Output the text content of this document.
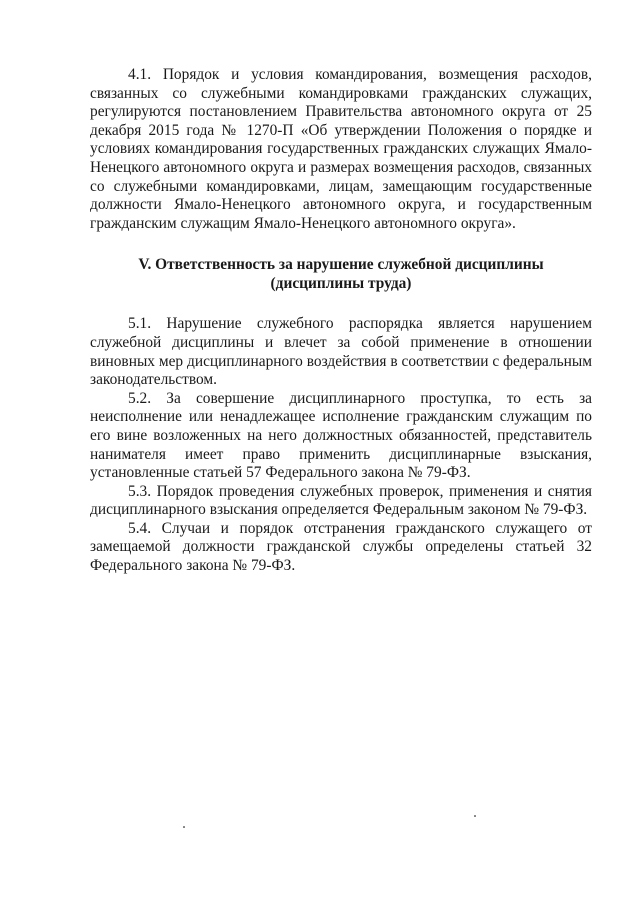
4.1. Порядок и условия командирования, возмещения расходов, связанных со служебными командировками гражданских служащих, регулируются постановлением Правительства автономного округа от 25 декабря 2015 года № 1270-П «Об утверждении Положения о порядке и условиях командирования государственных гражданских служащих Ямало-Ненецкого автономного округа и размерах возмещения расходов, связанных со служебными командировками, лицам, замещающим государственные должности Ямало-Ненецкого автономного округа, и государственным гражданским служащим Ямало-Ненецкого автономного округа».

V. Ответственность за нарушение служебной дисциплины

(дисциплины труда)

5.1. Нарушение служебного распорядка является нарушением служебной дисциплины и влечет за собой применение в отношении виновных мер дисциплинарного воздействия в соответствии с федеральным законодательством.

5.2. За совершение дисциплинарного проступка, то есть за неисполнение или ненадлежащее исполнение гражданским служащим по его вине возложенных на него должностных обязанностей, представитель нанимателя имеет право применить дисциплинарные взыскания, установленные статьей 57 Федерального закона № 79-ФЗ.

5.3. Порядок проведения служебных проверок, применения и снятия дисциплинарного взыскания определяется Федеральным законом № 79-ФЗ.

5.4. Случаи и порядок отстранения гражданского служащего от замещаемой должности гражданской службы определены статьей 32 Федерального закона № 79-ФЗ.
